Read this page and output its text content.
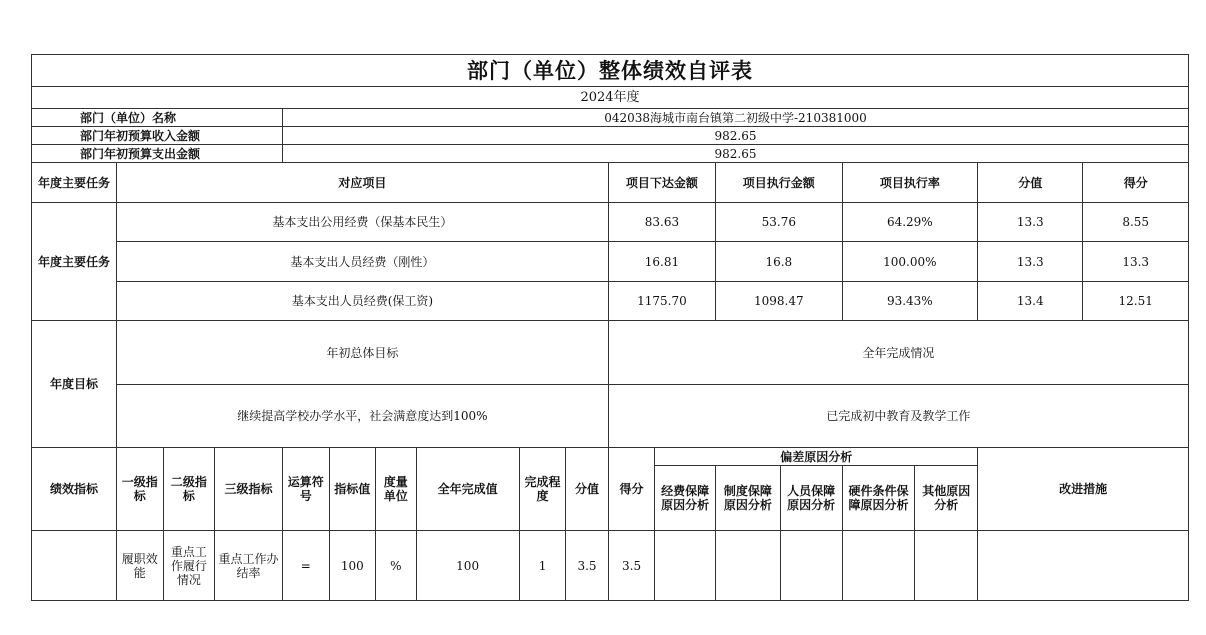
部门（单位）整体绩效自评表																	
2024年度																	
部门（单位）名称				042038海城市南台镇第二初级中学-210381000													
部门年初预算收入金额				982.65													
部门年初预算支出金额				982.65													
年度主要任务	对应项目									项目下达金额		项目执行金额		项目执行率		分值	得分
年度主要任务	基本支出公用经费（保基本民生）									83.63		53.76		64.29%		13.3	8.55
	基本支出人员经费（刚性）									16.81		16.8		100.00%		13.3	13.3
	基本支出人员经费(保工资)									1175.70		1098.47		93.43%		13.4	12.51
年度目标	年初总体目标									全年完成情况							
	继续提高学校办学水平，社会满意度达到100%									已完成初中教育及教学工作							
绩效指标	一级指标	二级指标	三级指标	运算符号	指标值	度量单位	全年完成值	完成程度	分值	得分	偏差原因分析					改进措施	
											经费保障原因分析	制度保障原因分析	人员保障原因分析	硬件条件保障原因分析	其他原因分析		
	履职效能	重点工作履行情况	重点工作办结率	=	100	%	100	1	3.5	3.5							
